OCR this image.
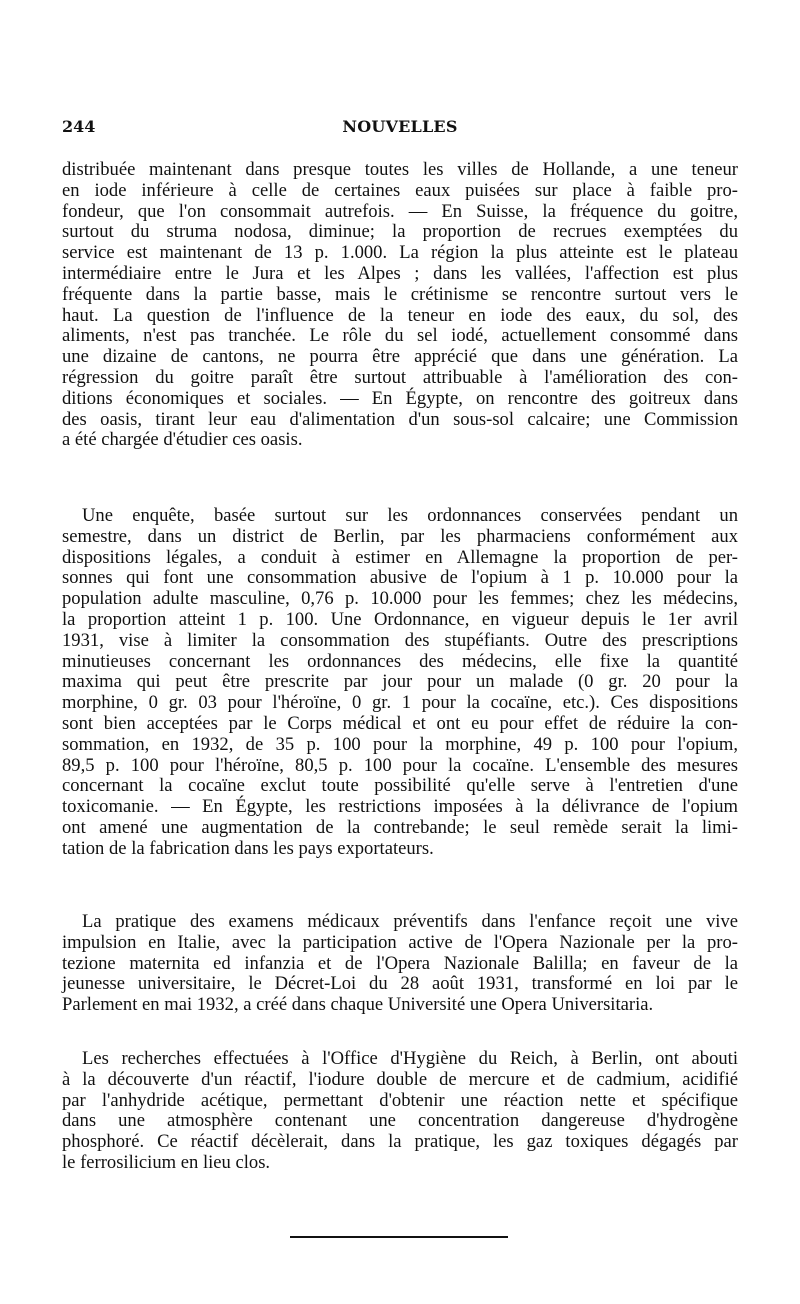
244	NOUVELLES
distribuée maintenant dans presque toutes les villes de Hollande, a une teneur
en iode inférieure à celle de certaines eaux puisées sur place à faible pro-
fondeur, que l'on consommait autrefois. — En Suisse, la fréquence du goitre,
surtout du struma nodosa, diminue; la proportion de recrues exemptées du
service est maintenant de 13 p. 1.000. La région la plus atteinte est le plateau
intermédiaire entre le Jura et les Alpes ; dans les vallées, l'affection est plus
fréquente dans la partie basse, mais le crétinisme se rencontre surtout vers le
haut. La question de l'influence de la teneur en iode des eaux, du sol, des
aliments, n'est pas tranchée. Le rôle du sel iodé, actuellement consommé dans
une dizaine de cantons, ne pourra être apprécié que dans une génération. La
régression du goitre paraît être surtout attribuable à l'amélioration des con-
ditions économiques et sociales. — En Égypte, on rencontre des goitreux dans
des oasis, tirant leur eau d'alimentation d'un sous-sol calcaire; une Commission
a été chargée d'étudier ces oasis.
Une enquête, basée surtout sur les ordonnances conservées pendant un
semestre, dans un district de Berlin, par les pharmaciens conformément aux
dispositions légales, a conduit à estimer en Allemagne la proportion de per-
sonnes qui font une consommation abusive de l'opium à 1 p. 10.000 pour la
population adulte masculine, 0,76 p. 10.000 pour les femmes; chez les médecins,
la proportion atteint 1 p. 100. Une Ordonnance, en vigueur depuis le 1er avril
1931, vise à limiter la consommation des stupéfiants. Outre des prescriptions
minutieuses concernant les ordonnances des médecins, elle fixe la quantité
maxima qui peut être prescrite par jour pour un malade (0 gr. 20 pour la
morphine, 0 gr. 03 pour l'héroïne, 0 gr. 1 pour la cocaïne, etc.). Ces dispositions
sont bien acceptées par le Corps médical et ont eu pour effet de réduire la con-
sommation, en 1932, de 35 p. 100 pour la morphine, 49 p. 100 pour l'opium,
89,5 p. 100 pour l'héroïne, 80,5 p. 100 pour la cocaïne. L'ensemble des mesures
concernant la cocaïne exclut toute possibilité qu'elle serve à l'entretien d'une
toxicomanie. — En Égypte, les restrictions imposées à la délivrance de l'opium
ont amené une augmentation de la contrebande; le seul remède serait la limi-
tation de la fabrication dans les pays exportateurs.
La pratique des examens médicaux préventifs dans l'enfance reçoit une vive
impulsion en Italie, avec la participation active de l'Opera Nazionale per la pro-
tezione maternita ed infanzia et de l'Opera Nazionale Balilla; en faveur de la
jeunesse universitaire, le Décret-Loi du 28 août 1931, transformé en loi par le
Parlement en mai 1932, a créé dans chaque Université une Opera Universitaria.
Les recherches effectuées à l'Office d'Hygiène du Reich, à Berlin, ont abouti
à la découverte d'un réactif, l'iodure double de mercure et de cadmium, acidifié
par l'anhydride acétique, permettant d'obtenir une réaction nette et spécifique
dans une atmosphère contenant une concentration dangereuse d'hydrogène
phosphoré. Ce réactif décèlerait, dans la pratique, les gaz toxiques dégagés par
le ferrosilicium en lieu clos.
